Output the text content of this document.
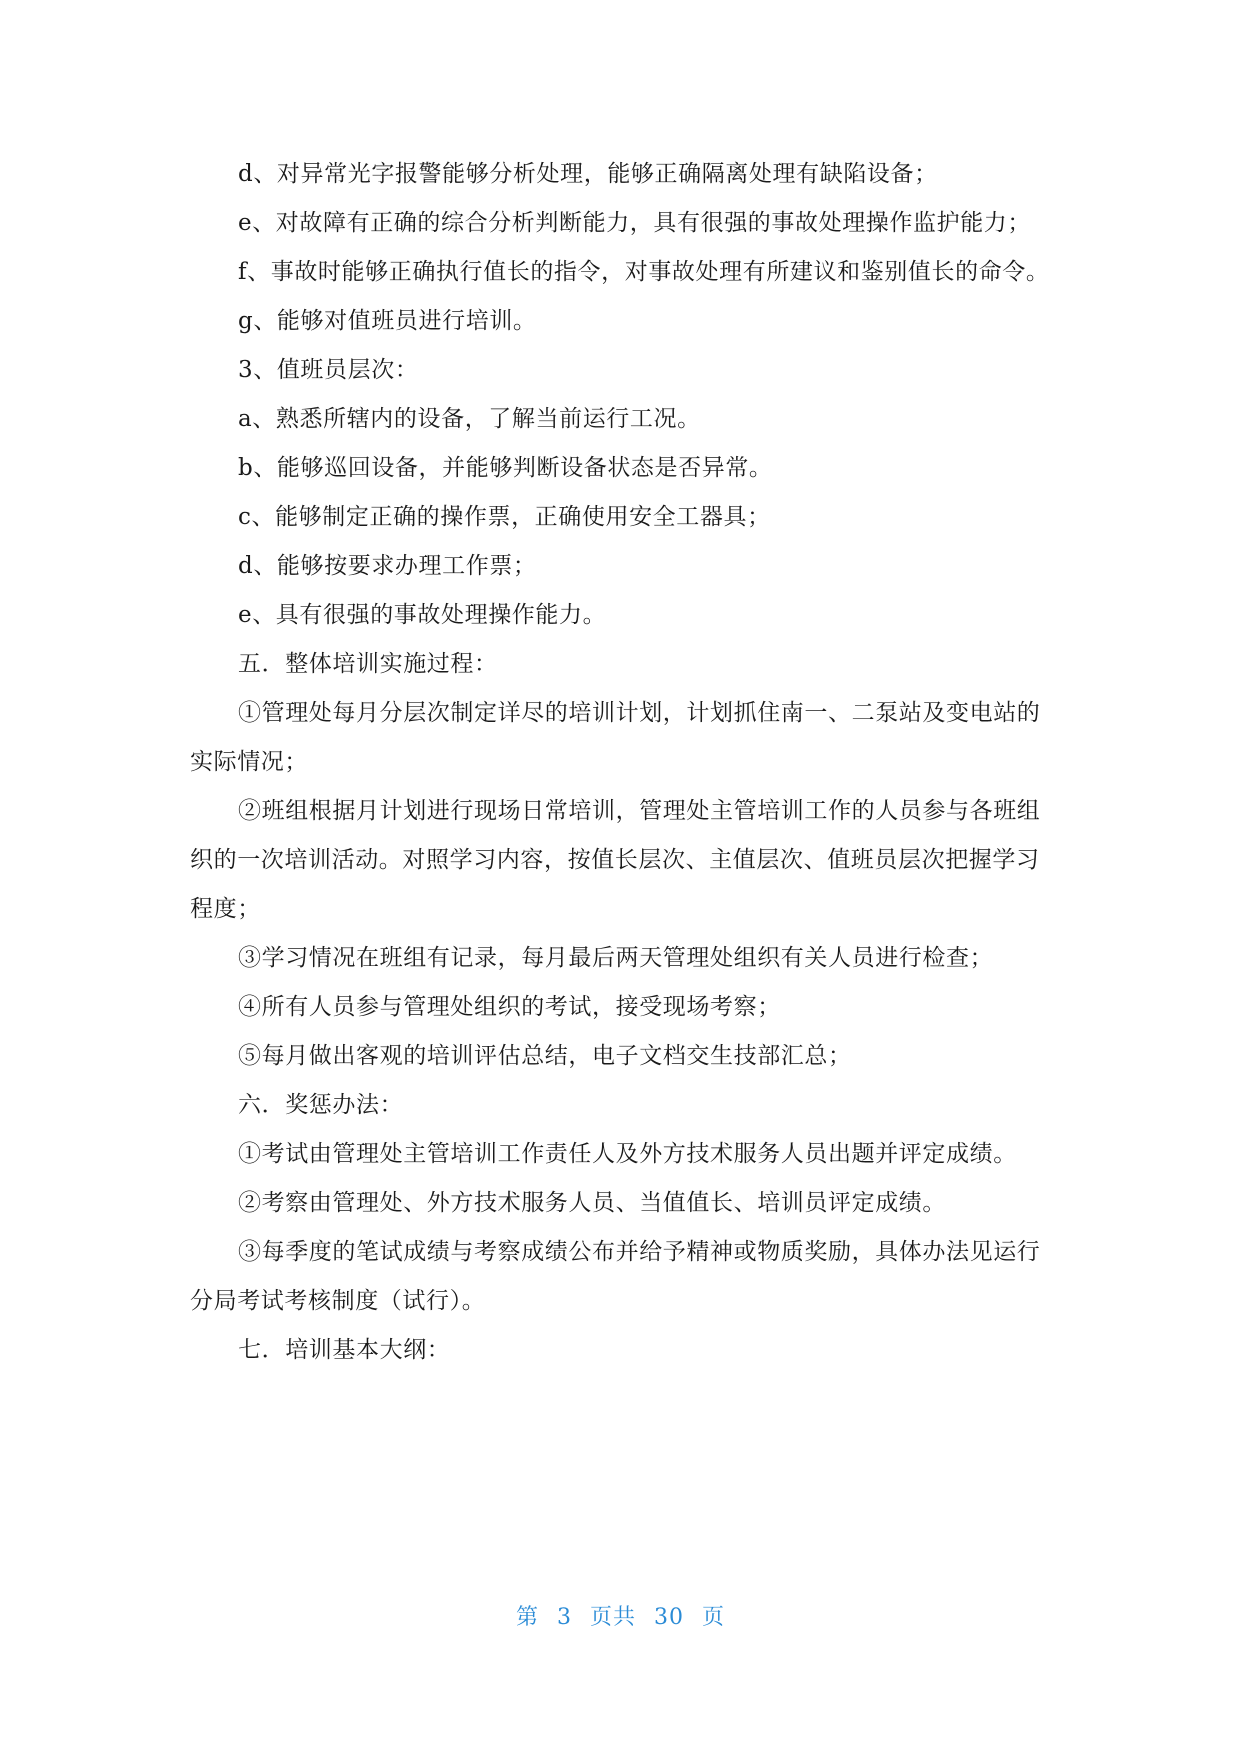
d、对异常光字报警能够分析处理，能够正确隔离处理有缺陷设备；

e、对故障有正确的综合分析判断能力，具有很强的事故处理操作监护能力；

f、事故时能够正确执行值长的指令，对事故处理有所建议和鉴别值长的命令。

g、能够对值班员进行培训。

3、值班员层次：

a、熟悉所辖内的设备，了解当前运行工况。

b、能够巡回设备，并能够判断设备状态是否异常。

c、能够制定正确的操作票，正确使用安全工器具；

d、能够按要求办理工作票；

e、具有很强的事故处理操作能力。

五．整体培训实施过程：

①管理处每月分层次制定详尽的培训计划，计划抓住南一、二泵站及变电站的实际情况；

②班组根据月计划进行现场日常培训，管理处主管培训工作的人员参与各班组织的一次培训活动。对照学习内容，按值长层次、主值层次、值班员层次把握学习程度；

③学习情况在班组有记录，每月最后两天管理处组织有关人员进行检查；

④所有人员参与管理处组织的考试，接受现场考察；

⑤每月做出客观的培训评估总结，电子文档交生技部汇总；

六．奖惩办法：

①考试由管理处主管培训工作责任人及外方技术服务人员出题并评定成绩。

②考察由管理处、外方技术服务人员、当值值长、培训员评定成绩。

③每季度的笔试成绩与考察成绩公布并给予精神或物质奖励，具体办法见运行分局考试考核制度（试行）。

七．培训基本大纲：

第 3 页共 30 页
